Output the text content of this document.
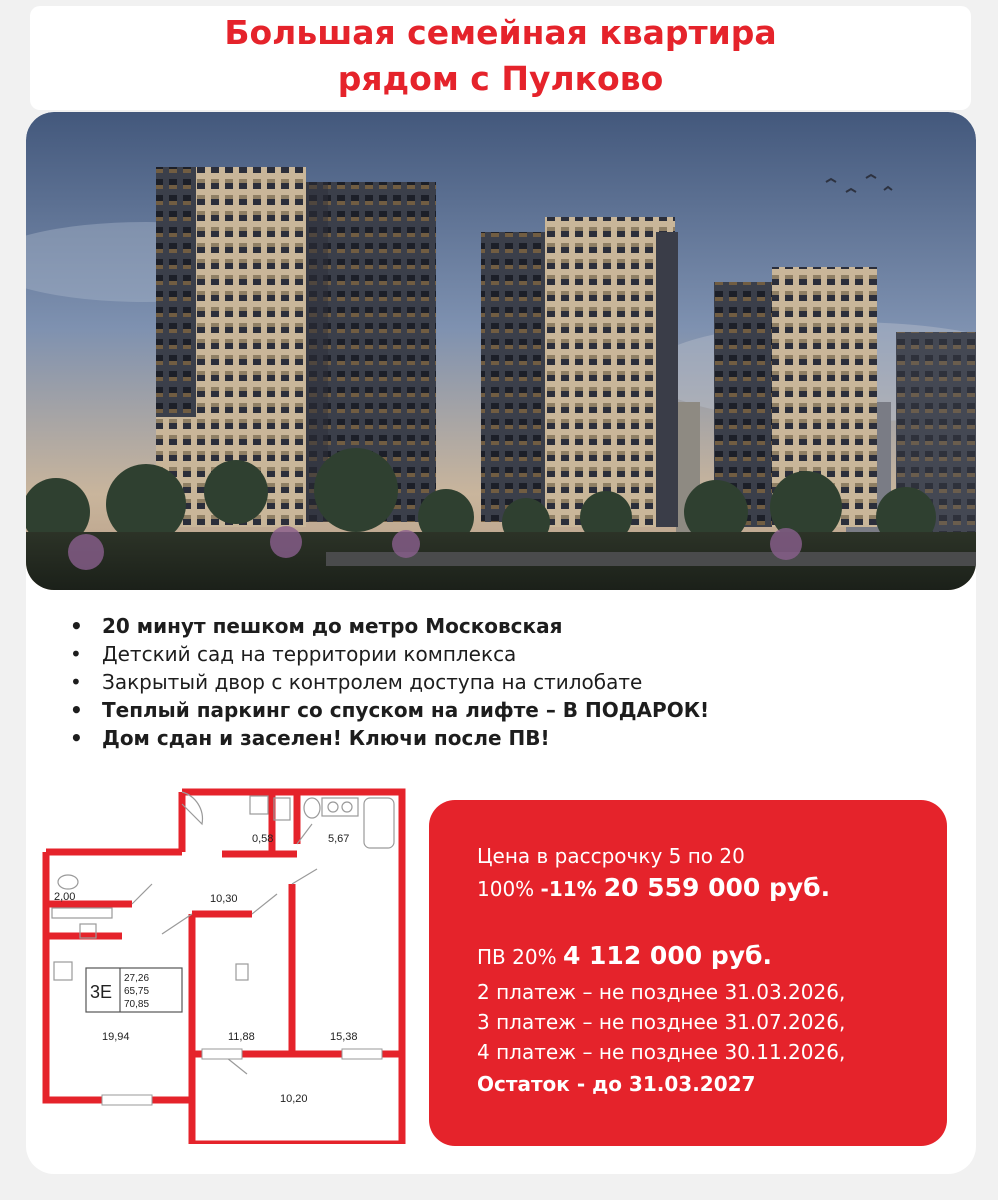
Большая семейная квартира
рядом с Пулково
• 20 минут пешком до метро Московская
• Детский сад на территории комплекса
• Закрытый двор с контролем доступа на стилобате
• Теплый паркинг со спуском на лифте – В ПОДАРОК!
• Дом сдан и заселен! Ключи после ПВ!
0,58	5,67
2,00	10,30
19,94	11,88	15,38
10,20
27,26
65,75
70,85
3E
Цена в рассрочку 5 по 20
100% -11% 20 559 000 руб.
ПВ 20% 4 112 000 руб.
2 платеж – не позднее 31.03.2026,
3 платеж – не позднее 31.07.2026,
4 платеж – не позднее 30.11.2026,
Остаток - до 31.03.2027
